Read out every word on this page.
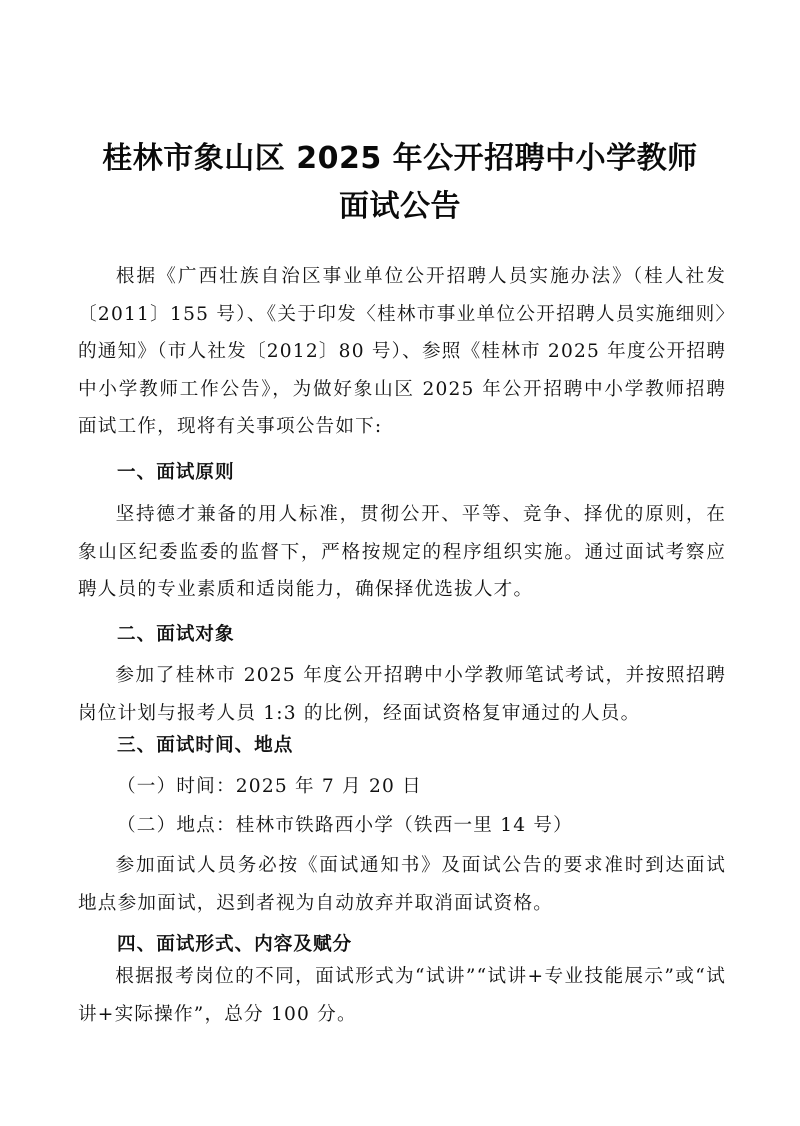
桂林市象山区 2025 年公开招聘中小学教师
面试公告
根据《广西壮族自治区事业单位公开招聘人员实施办法》（桂人社发〔2011〕155 号）、《关于印发〈桂林市事业单位公开招聘人员实施细则〉的通知》（市人社发〔2012〕80 号）、参照《桂林市 2025 年度公开招聘中小学教师工作公告》，为做好象山区 2025 年公开招聘中小学教师招聘面试工作，现将有关事项公告如下:
一、面试原则
坚持德才兼备的用人标准，贯彻公开、平等、竞争、择优的原则，在象山区纪委监委的监督下，严格按规定的程序组织实施。通过面试考察应聘人员的专业素质和适岗能力，确保择优选拔人才。
二、面试对象
参加了桂林市 2025 年度公开招聘中小学教师笔试考试，并按照招聘岗位计划与报考人员 1:3 的比例，经面试资格复审通过的人员。
三、面试时间、地点
（一）时间：2025 年 7 月 20 日
（二）地点：桂林市铁路西小学（铁西一里 14 号）
参加面试人员务必按《面试通知书》及面试公告的要求准时到达面试地点参加面试，迟到者视为自动放弃并取消面试资格。
四、面试形式、内容及赋分
根据报考岗位的不同，面试形式为“试讲”“试讲+专业技能展示”或“试讲+实际操作”，总分 100 分。
